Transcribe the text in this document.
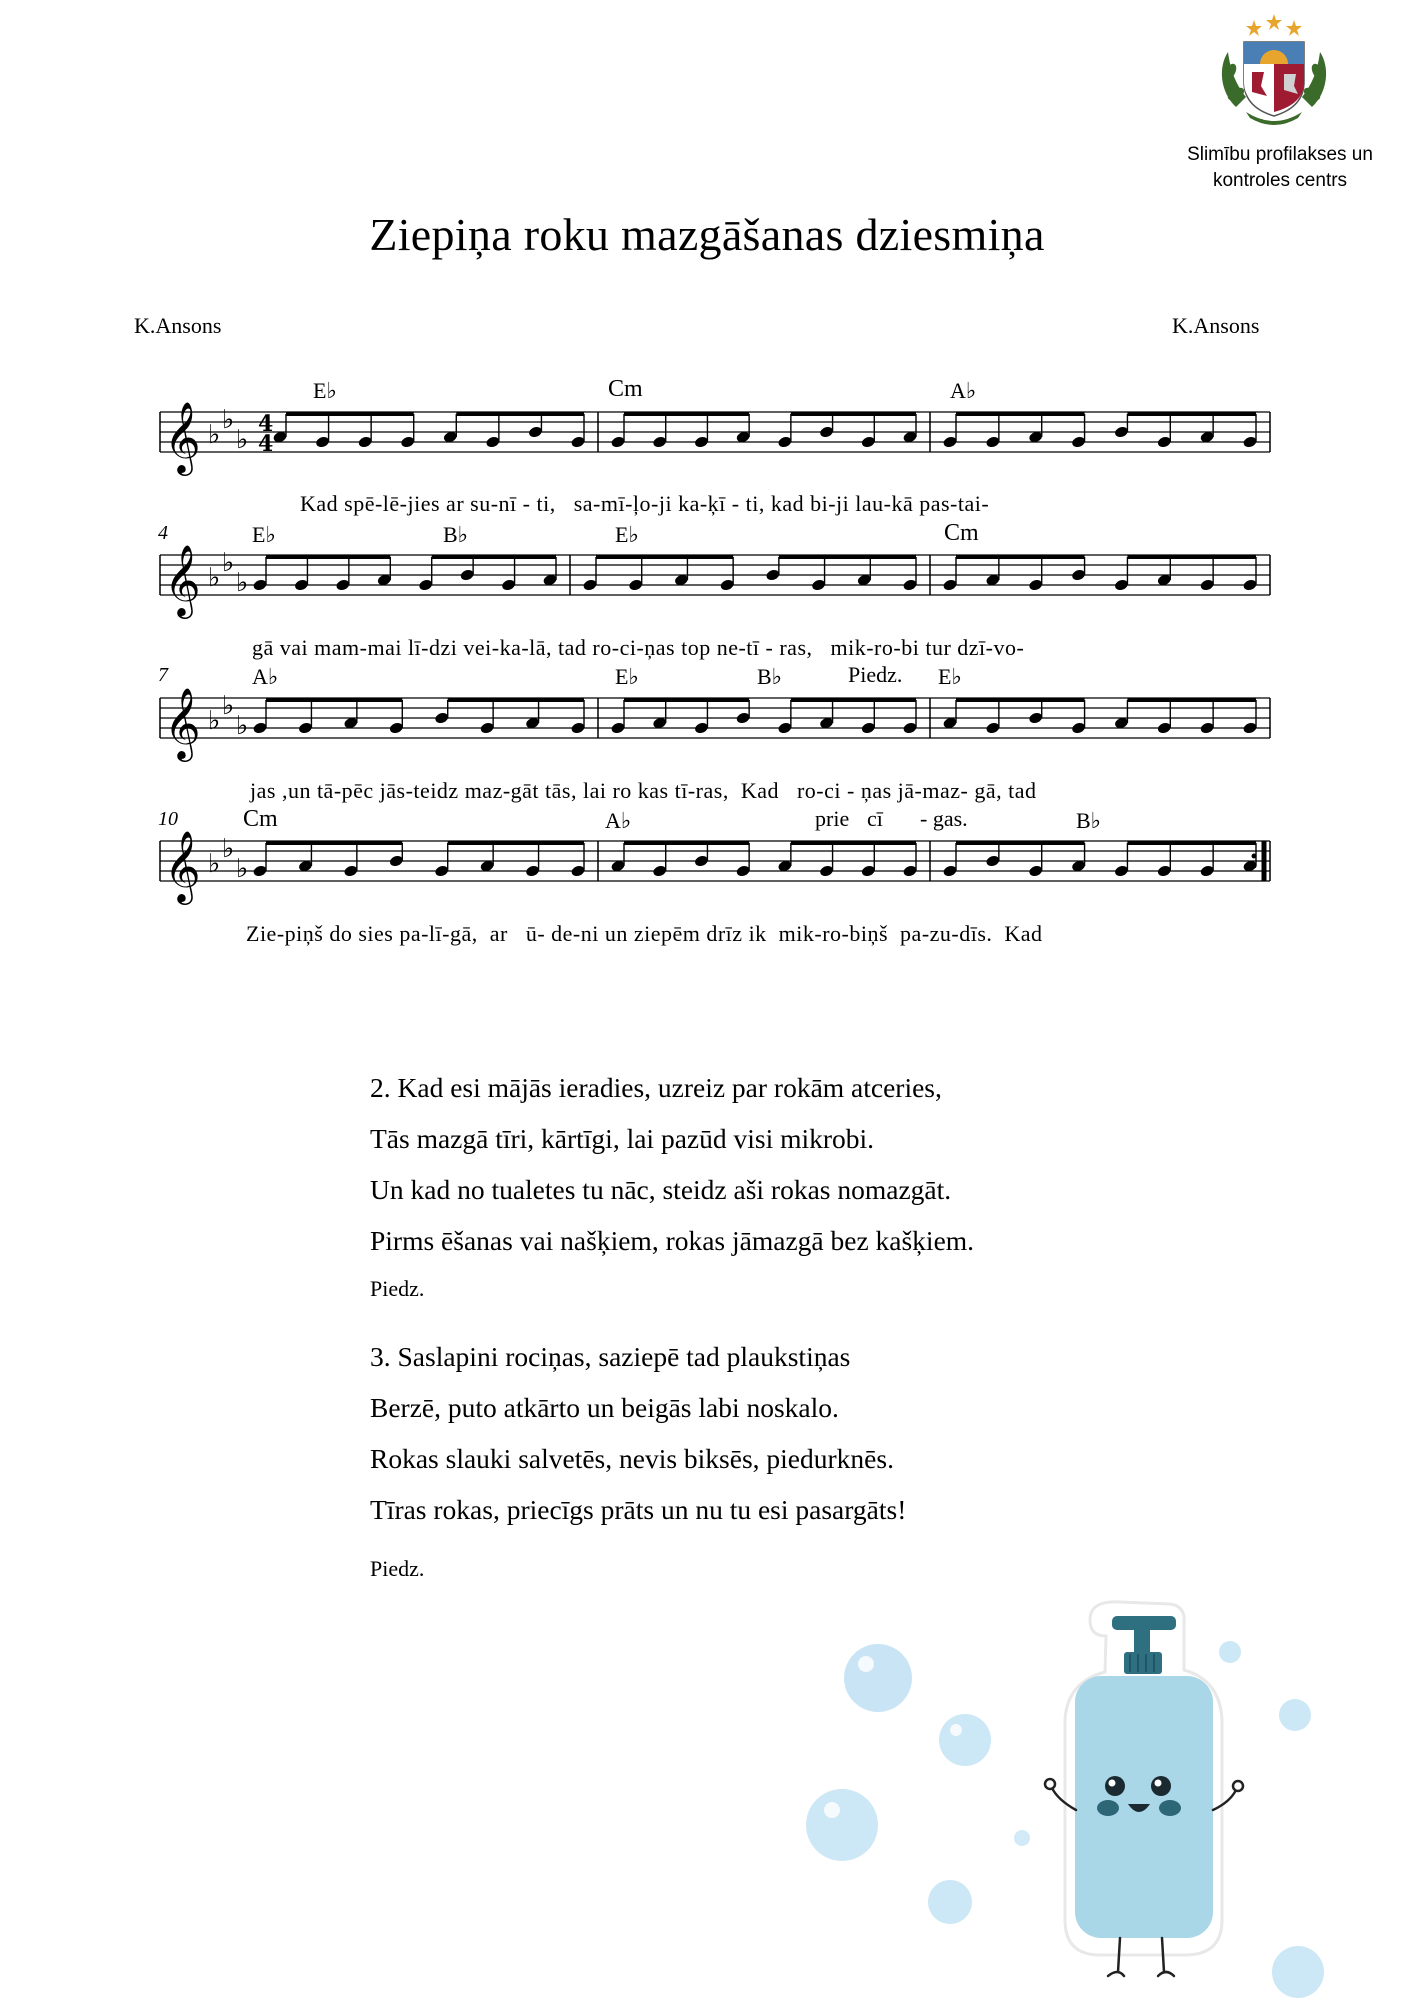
Slimību profilakses un
kontroles centrs
Ziepiņa roku mazgāšanas dziesmiņa
K.Ansons	K.Ansons
E♭	Cm	A♭
4	E♭	B♭	E♭	Cm
7	A♭	E♭	B♭	Piedz. E♭
10	Cm	A♭	prie cī - gas.	B♭
Kad spē-lē-jies ar su-nī - ti,   sa-mī-ļo-ji ka-ķī - ti, kad bi-ji lau-kā pas-tai-
gā vai mam-mai lī-dzi vei-ka-lā, tad ro-ci-ņas top ne-tī - ras,   mik-ro-bi tur dzī-vo-
jas ,un tā-pēc jās-teidz maz-gāt tās, lai ro kas tī-ras,  Kad   ro-ci - ņas jā-maz- gā, tad
Zie-piņš do sies pa-lī-gā,  ar   ū- de-ni un ziepēm drīz ik  mik-ro-biņš  pa-zu-dīs.  Kad
𝄞 ♭ ♭
♭
𝄞 ♭ ♭
♭
𝄞 ♭ ♭
♭
𝄞 ♭ ♭
♭
4
4
2. Kad esi mājās ieradies, uzreiz par rokām atceries,
Tās mazgā tīri, kārtīgi, lai pazūd visi mikrobi.
Un kad no tualetes tu nāc, steidz aši rokas nomazgāt.
Pirms ēšanas vai našķiem, rokas jāmazgā bez kašķiem.
Piedz.
3. Saslapini rociņas, saziepē tad plaukstiņas
Berzē, puto atkārto un beigās labi noskalo.
Rokas slauki salvetēs, nevis biksēs, piedurknēs.
Tīras rokas, priecīgs prāts un nu tu esi pasargāts!
Piedz.
